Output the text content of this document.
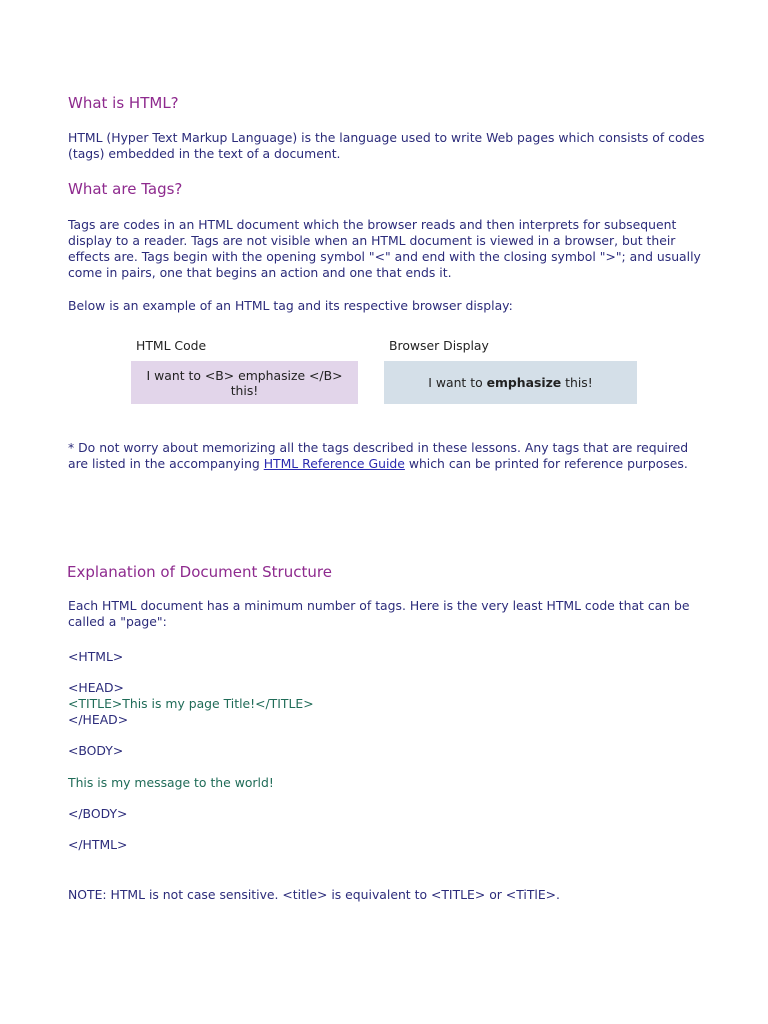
What is HTML?

HTML (Hyper Text Markup Language) is the language used to write Web pages which consists of codes (tags) embedded in the text of a document.

What are Tags?

Tags are codes in an HTML document which the browser reads and then interprets for subsequent display to a reader. Tags are not visible when an HTML document is viewed in a browser, but their effects are. Tags begin with the opening symbol "<" and end with the closing symbol ">"; and usually come in pairs, one that begins an action and one that ends it.

Below is an example of an HTML tag and its respective browser display:

HTML Code	Browser Display
I want to <B> emphasize </B> this!	I want to emphasize this!

* Do not worry about memorizing all the tags described in these lessons. Any tags that are required are listed in the accompanying HTML Reference Guide which can be printed for reference purposes.

Explanation of Document Structure

Each HTML document has a minimum number of tags. Here is the very least HTML code that can be called a "page":

<HTML>
<HEAD>
<TITLE>This is my page Title!</TITLE>
</HEAD>
<BODY>
This is my message to the world!
</BODY>
</HTML>

NOTE: HTML is not case sensitive. <title> is equivalent to <TITLE> or <TiTlE>.
